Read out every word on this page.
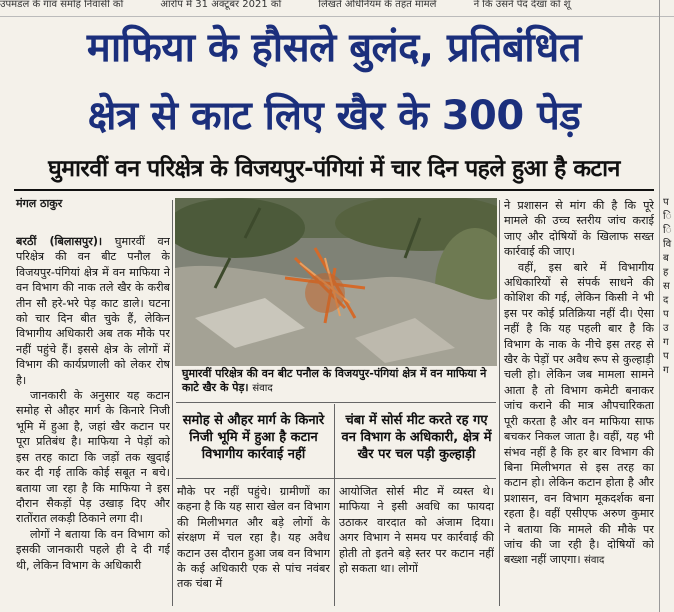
उपमंडल के गांव समोह निवासी को	आरोप में 31 अक्टूबर 2021 को	लिखते अधिनियम के तहत मामले	ने कि उसने पेद देखा को शू
माफिया के हौसले बुलंद, प्रतिबंधित
क्षेत्र से काट लिए खैर के 300 पेड़
घुमारवीं वन परिक्षेत्र के विजयपुर-पंगियां में चार दिन पहले हुआ है कटान
मंगल ठाकुर
बरठीं (बिलासपुर)। घुमारवीं वन परिक्षेत्र की वन बीट पनौल के विजयपुर-पंगियां क्षेत्र में वन माफिया ने वन विभाग की नाक तले खैर के करीब तीन सौ हरे-भरे पेड़ काट डाले। घटना को चार दिन बीत चुके हैं, लेकिन विभागीय अधिकारी अब तक मौके पर नहीं पहुंचे हैं। इससे क्षेत्र के लोगों में विभाग की कार्यप्रणाली को लेकर रोष है।
जानकारी के अनुसार यह कटान समोह से औहर मार्ग के किनारे निजी भूमि में हुआ है, जहां खैर कटान पर पूरा प्रतिबंध है। माफिया ने पेड़ों को इस तरह काटा कि जड़ों तक खुदाई कर दी गई ताकि कोई सबूत न बचे। बताया जा रहा है कि माफिया ने इस दौरान सैकड़ों पेड़ उखाड़ दिए और रातोंरात लकड़ी ठिकाने लगा दी।
लोगों ने बताया कि वन विभाग को इसकी जानकारी पहले ही दे दी गई थी, लेकिन विभाग के अधिकारी
घुमारवीं परिक्षेत्र की वन बीट पनौल के विजयपुर-पंगियां क्षेत्र में वन माफिया ने काटे खैर के पेड़। संवाद
समोह से औहर मार्ग के किनारे निजी भूमि में हुआ है कटान विभागीय कार्रवाई नहीं
चंबा में सोर्स मीट करते रह गए वन विभाग के अधिकारी, क्षेत्र में खैर पर चल पड़ी कुल्हाड़ी
मौके पर नहीं पहुंचे। ग्रामीणों का कहना है कि यह सारा खेल वन विभाग की मिलीभगत और बड़े लोगों के संरक्षण में चल रहा है। यह अवैध कटान उस दौरान हुआ जब वन विभाग के कई अधिकारी एक से पांच नवंबर तक चंबा में
आयोजित सोर्स मीट में व्यस्त थे। माफिया ने इसी अवधि का फायदा उठाकर वारदात को अंजाम दिया। अगर विभाग ने समय पर कार्रवाई की होती तो इतने बड़े स्तर पर कटान नहीं हो सकता था। लोगों
ने प्रशासन से मांग की है कि पूरे मामले की उच्च स्तरीय जांच कराई जाए और दोषियों के खिलाफ सख्त कार्रवाई की जाए।
वहीं, इस बारे में विभागीय अधिकारियों से संपर्क साधने की कोशिश की गई, लेकिन किसी ने भी इस पर कोई प्रतिक्रिया नहीं दी। ऐसा नहीं है कि यह पहली बार है कि विभाग के नाक के नीचे इस तरह से खैर के पेड़ों पर अवैध रूप से कुल्हाड़ी चली हो। लेकिन जब मामला सामने आता है तो विभाग कमेटी बनाकर जांच कराने की मात्र औपचारिकता पूरी करता है और वन माफिया साफ बचकर निकल जाता है। वहीं, यह भी संभव नहीं है कि हर बार विभाग की बिना मिलीभगत से इस तरह का कटान हो। लेकिन कटान होता है और प्रशासन, वन विभाग मूकदर्शक बना रहता है। वहीं एसीएफ अरुण कुमार ने बताया कि मामले की मौके पर जांच की जा रही है। दोषियों को बख्शा नहीं जाएगा। संवाद
प
ि
ि
वि
ब
ह
स
द
प
उ
ग
प
ग
